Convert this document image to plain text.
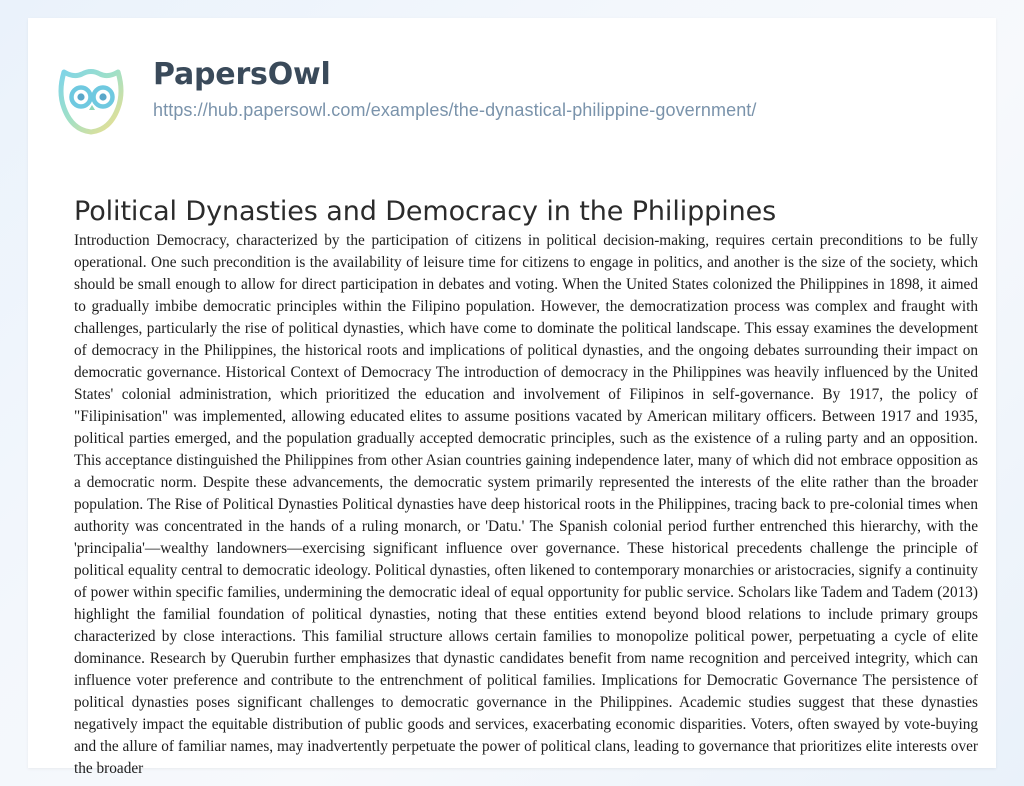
PapersOwl
https://hub.papersowl.com/examples/the-dynastical-philippine-government/
Political Dynasties and Democracy in the Philippines
Introduction Democracy, characterized by the participation of citizens in political decision-making, requires certain preconditions to be fully operational. One such precondition is the availability of leisure time for citizens to engage in politics, and another is the size of the society, which should be small enough to allow for direct participation in debates and voting. When the United States colonized the Philippines in 1898, it aimed to gradually imbibe democratic principles within the Filipino population. However, the democratization process was complex and fraught with challenges, particularly the rise of political dynasties, which have come to dominate the political landscape. This essay examines the development of democracy in the Philippines, the historical roots and implications of political dynasties, and the ongoing debates surrounding their impact on democratic governance. Historical Context of Democracy The introduction of democracy in the Philippines was heavily influenced by the United States' colonial administration, which prioritized the education and involvement of Filipinos in self-governance. By 1917, the policy of "Filipinisation" was implemented, allowing educated elites to assume positions vacated by American military officers. Between 1917 and 1935, political parties emerged, and the population gradually accepted democratic principles, such as the existence of a ruling party and an opposition. This acceptance distinguished the Philippines from other Asian countries gaining independence later, many of which did not embrace opposition as a democratic norm. Despite these advancements, the democratic system primarily represented the interests of the elite rather than the broader population. The Rise of Political Dynasties Political dynasties have deep historical roots in the Philippines, tracing back to pre-colonial times when authority was concentrated in the hands of a ruling monarch, or 'Datu.' The Spanish colonial period further entrenched this hierarchy, with the 'principalia'—wealthy landowners—exercising significant influence over governance. These historical precedents challenge the principle of political equality central to democratic ideology. Political dynasties, often likened to contemporary monarchies or aristocracies, signify a continuity of power within specific families, undermining the democratic ideal of equal opportunity for public service. Scholars like Tadem and Tadem (2013) highlight the familial foundation of political dynasties, noting that these entities extend beyond blood relations to include primary groups characterized by close interactions. This familial structure allows certain families to monopolize political power, perpetuating a cycle of elite dominance. Research by Querubin further emphasizes that dynastic candidates benefit from name recognition and perceived integrity, which can influence voter preference and contribute to the entrenchment of political families. Implications for Democratic Governance The persistence of political dynasties poses significant challenges to democratic governance in the Philippines. Academic studies suggest that these dynasties negatively impact the equitable distribution of public goods and services, exacerbating economic disparities. Voters, often swayed by vote-buying and the allure of familiar names, may inadvertently perpetuate the power of political clans, leading to governance that prioritizes elite interests over the broader
